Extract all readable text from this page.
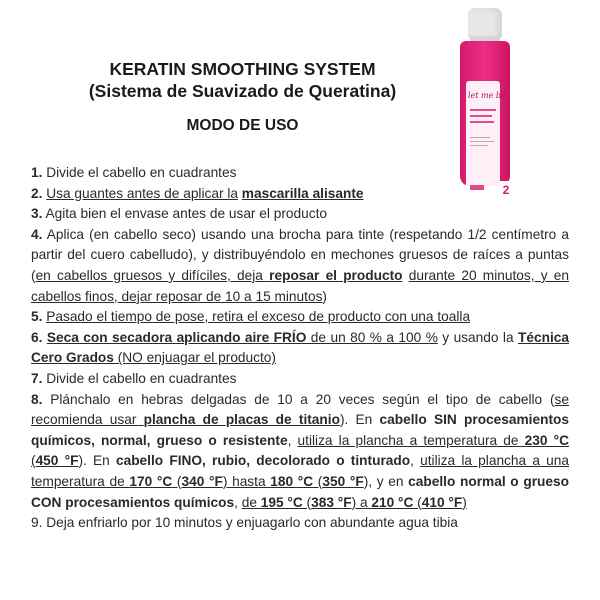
KERATIN SMOOTHING SYSTEM
(Sistema de Suavizado de Queratina)
MODO DE USO
let me be
2

1. Divide el cabello en cuadrantes

2. Usa guantes antes de aplicar la mascarilla alisante

3. Agita bien el envase antes de usar el producto

4. Aplica (en cabello seco) usando una brocha para tinte (respetando 1/2 centímetro a partir del cuero cabelludo), y distribuyéndolo en mechones gruesos de raíces a puntas (en cabellos gruesos y difíciles, deja reposar el producto durante 20 minutos, y en cabellos finos, dejar reposar de 10 a 15 minutos)

5. Pasado el tiempo de pose, retira el exceso de producto con una toalla

6. Seca con secadora aplicando aire FRÍO de un 80 % a 100 % y usando la Técnica Cero Grados (NO enjuagar el producto)

7. Divide el cabello en cuadrantes

8. Plánchalo en hebras delgadas de 10 a 20 veces según el tipo de cabello (se recomienda usar plancha de placas de titanio). En cabello SIN procesamientos químicos, normal, grueso o resistente, utiliza la plancha a temperatura de 230 °C (450 °F). En cabello FINO, rubio, decolorado o tinturado, utiliza la plancha a una temperatura de 170 °C (340 °F) hasta 180 °C (350 °F), y en cabello normal o grueso CON procesamientos químicos, de 195 °C (383 °F) a 210 °C (410 °F)

9. Deja enfriarlo por 10 minutos y enjuagarlo con abundante agua tibia
